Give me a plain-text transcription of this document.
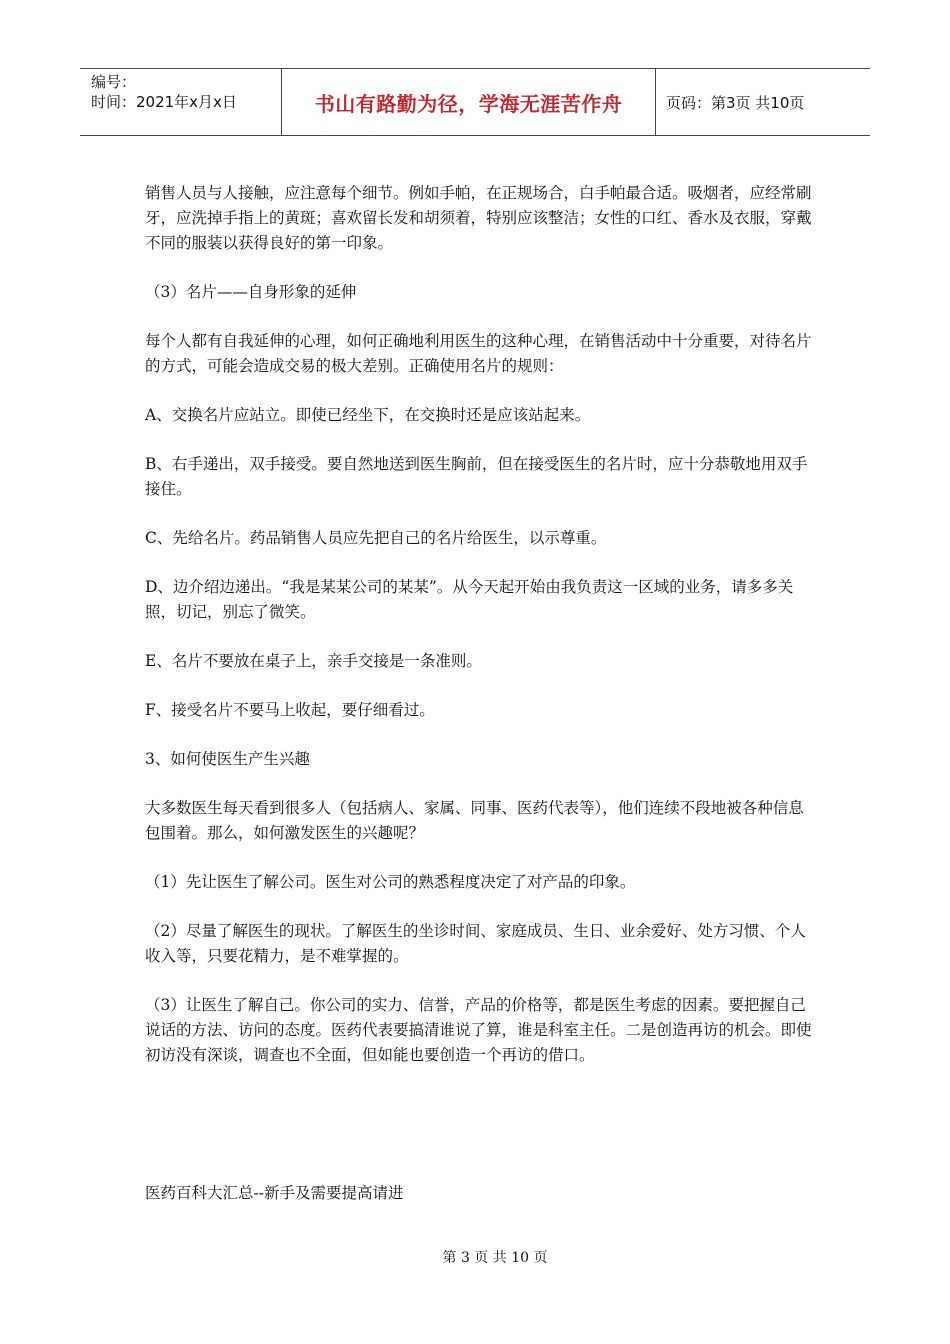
编号：
时间：2021年x月x日	书山有路勤为径，学海无涯苦作舟	页码：第3页 共10页

销售人员与人接触，应注意每个细节。例如手帕，在正规场合，白手帕最合适。吸烟者，应经常刷牙，应洗掉手指上的黄斑；喜欢留长发和胡须着，特别应该整洁；女性的口红、香水及衣服，穿戴不同的服装以获得良好的第一印象。

（3）名片——自身形象的延伸

每个人都有自我延伸的心理，如何正确地利用医生的这种心理，在销售活动中十分重要，对待名片的方式，可能会造成交易的极大差别。正确使用名片的规则：

A、交换名片应站立。即使已经坐下，在交换时还是应该站起来。

B、右手递出，双手接受。要自然地送到医生胸前，但在接受医生的名片时，应十分恭敬地用双手接住。

C、先给名片。药品销售人员应先把自己的名片给医生，以示尊重。

D、边介绍边递出。“我是某某公司的某某”。从今天起开始由我负责这一区域的业务，请多多关照，切记，别忘了微笑。

E、名片不要放在桌子上，亲手交接是一条准则。

F、接受名片不要马上收起，要仔细看过。

3、如何使医生产生兴趣

大多数医生每天看到很多人（包括病人、家属、同事、医药代表等），他们连续不段地被各种信息包围着。那么，如何激发医生的兴趣呢？

（1）先让医生了解公司。医生对公司的熟悉程度决定了对产品的印象。

（2）尽量了解医生的现状。了解医生的坐诊时间、家庭成员、生日、业余爱好、处方习惯、个人收入等，只要花精力，是不难掌握的。

（3）让医生了解自己。你公司的实力、信誉，产品的价格等，都是医生考虑的因素。要把握自己说话的方法、访问的态度。医药代表要搞清谁说了算，谁是科室主任。二是创造再访的机会。即使初访没有深谈，调查也不全面，但如能也要创造一个再访的借口。

医药百科大汇总--新手及需要提高请进
第 3 页 共 10 页
